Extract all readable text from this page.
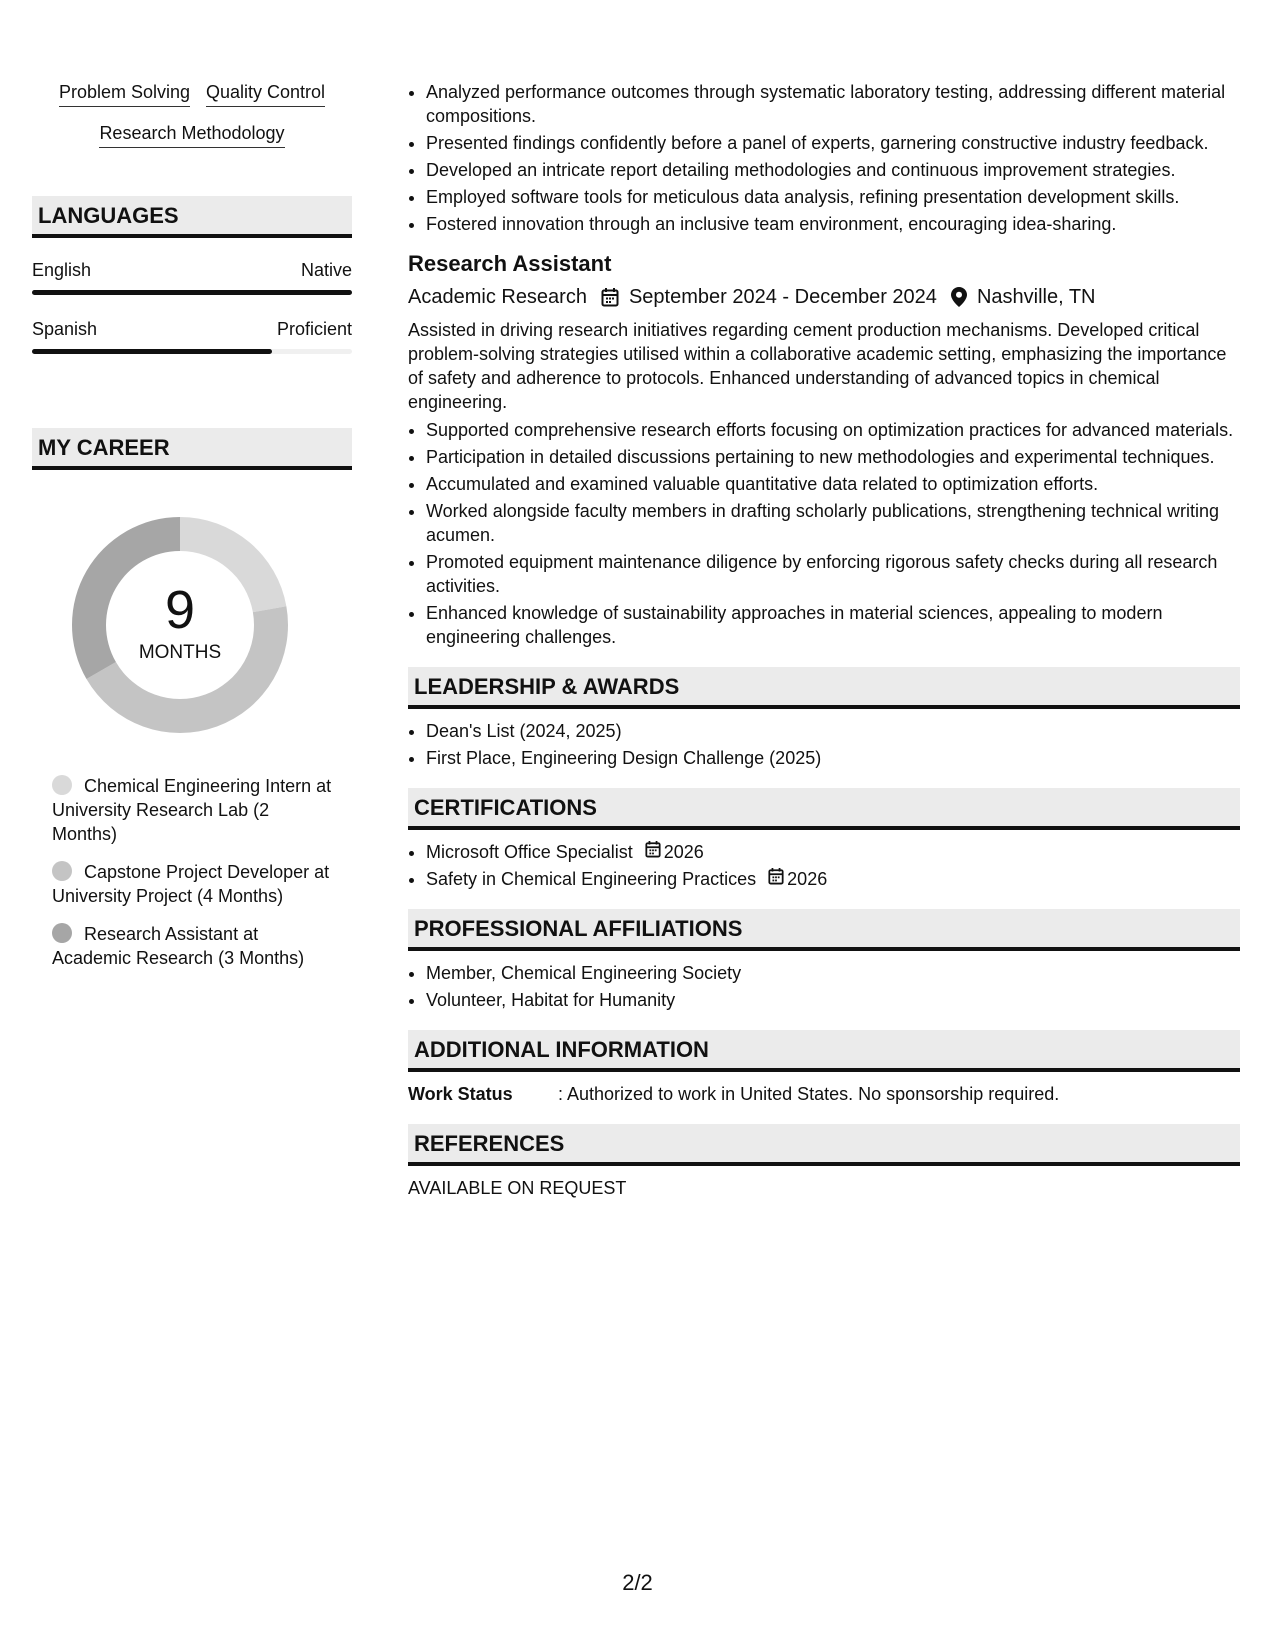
Problem Solving Quality Control
Research Methodology
LANGUAGES
English	Native
Spanish	Proficient
MY CAREER
9
MONTHS
Chemical Engineering Intern at University Research Lab (2 Months)
Capstone Project Developer at University Project (4 Months)
Research Assistant at Academic Research (3 Months)
• Analyzed performance outcomes through systematic laboratory testing, addressing different material compositions.
• Presented findings confidently before a panel of experts, garnering constructive industry feedback.
• Developed an intricate report detailing methodologies and continuous improvement strategies.
• Employed software tools for meticulous data analysis, refining presentation development skills.
• Fostered innovation through an inclusive team environment, encouraging idea-sharing.
Research Assistant
Academic Research September 2024 - December 2024 Nashville, TN
Assisted in driving research initiatives regarding cement production mechanisms. Developed critical problem-solving strategies utilised within a collaborative academic setting, emphasizing the importance of safety and adherence to protocols. Enhanced understanding of advanced topics in chemical engineering.
• Supported comprehensive research efforts focusing on optimization practices for advanced materials.
• Participation in detailed discussions pertaining to new methodologies and experimental techniques.
• Accumulated and examined valuable quantitative data related to optimization efforts.
• Worked alongside faculty members in drafting scholarly publications, strengthening technical writing acumen.
• Promoted equipment maintenance diligence by enforcing rigorous safety checks during all research activities.
• Enhanced knowledge of sustainability approaches in material sciences, appealing to modern engineering challenges.
LEADERSHIP & AWARDS
• Dean's List (2024, 2025)
• First Place, Engineering Design Challenge (2025)
CERTIFICATIONS
• Microsoft Office Specialist 2026
• Safety in Chemical Engineering Practices 2026
PROFESSIONAL AFFILIATIONS
• Member, Chemical Engineering Society
• Volunteer, Habitat for Humanity
ADDITIONAL INFORMATION
Work Status	: Authorized to work in United States. No sponsorship required.
REFERENCES
AVAILABLE ON REQUEST
2/2
